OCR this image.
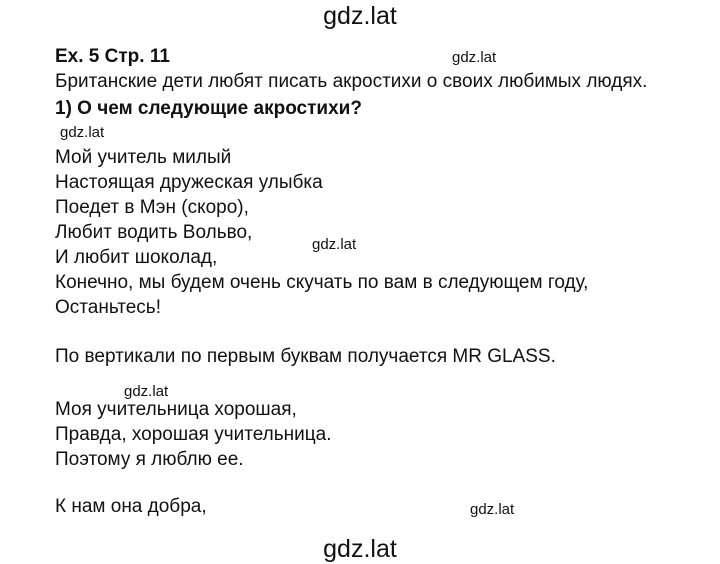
gdz.lat
Ex. 5 Стр. 11	gdz.lat
Британские дети любят писать акростихи о своих любимых людях.
1) О чем следующие акростихи?
gdz.lat
Мой учитель милый
Настоящая дружеская улыбка
Поедет в Мэн (скоро),
Любит водить Вольво,
gdz.lat
И любит шоколад,
Конечно, мы будем очень скучать по вам в следующем году,
Останьтесь!
По вертикали по первым буквам получается MR GLASS.
gdz.lat
Моя учительница хорошая,
Правда, хорошая учительница.
Поэтому я люблю ее.
К нам она добра,	gdz.lat
gdz.lat
